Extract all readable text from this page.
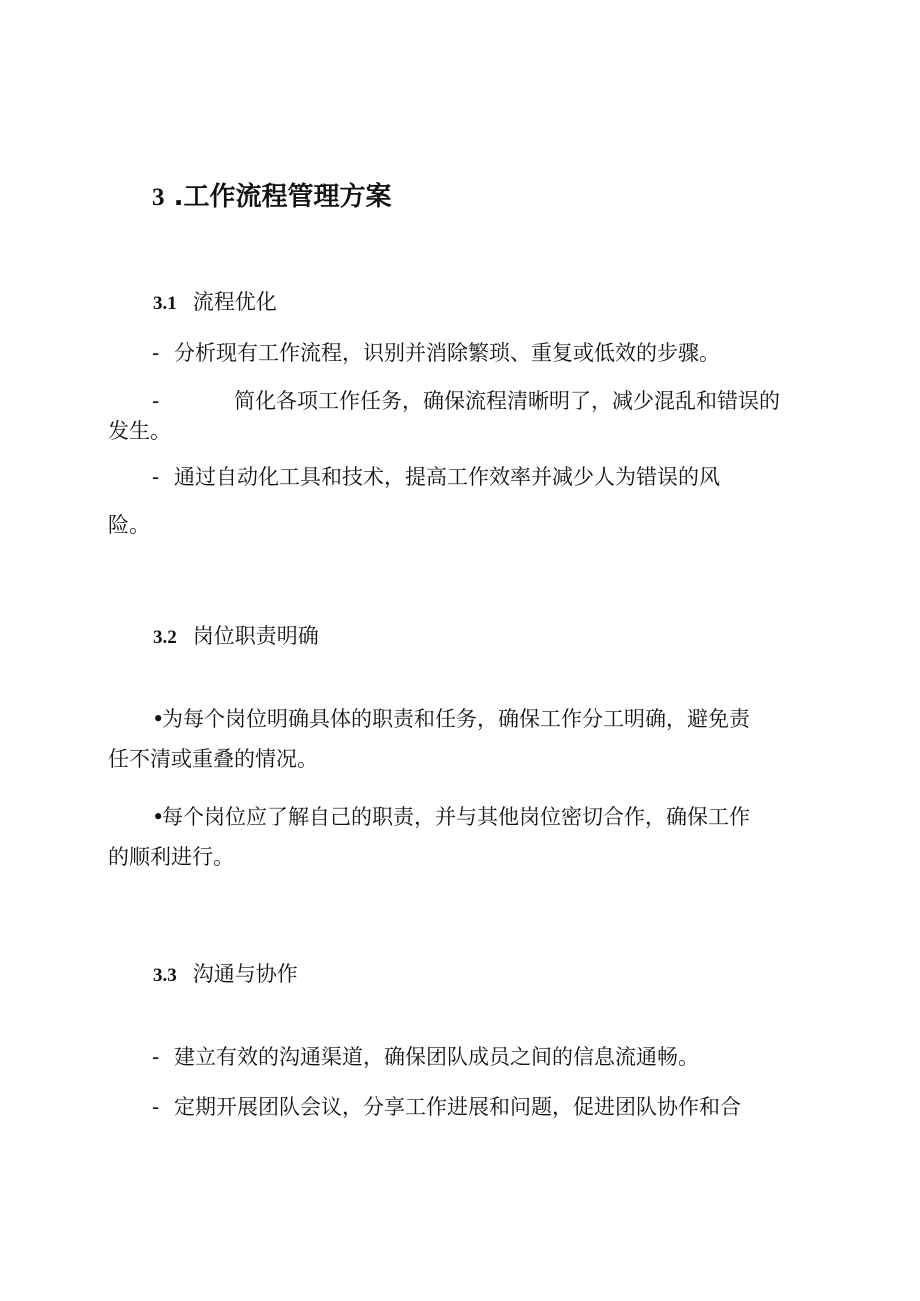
3 .工作流程管理方案
3.1 流程优化
- 分析现有工作流程，识别并消除繁琐、重复或低效的步骤。
-	简化各项工作任务，确保流程清晰明了，减少混乱和错误的
发生。
- 通过自动化工具和技术，提高工作效率并减少人为错误的风
险。
3.2 岗位职责明确
•为每个岗位明确具体的职责和任务，确保工作分工明确，避免责
任不清或重叠的情况。
•每个岗位应了解自己的职责，并与其他岗位密切合作，确保工作
的顺利进行。
3.3 沟通与协作
- 建立有效的沟通渠道，确保团队成员之间的信息流通畅。
- 定期开展团队会议，分享工作进展和问题，促进团队协作和合
